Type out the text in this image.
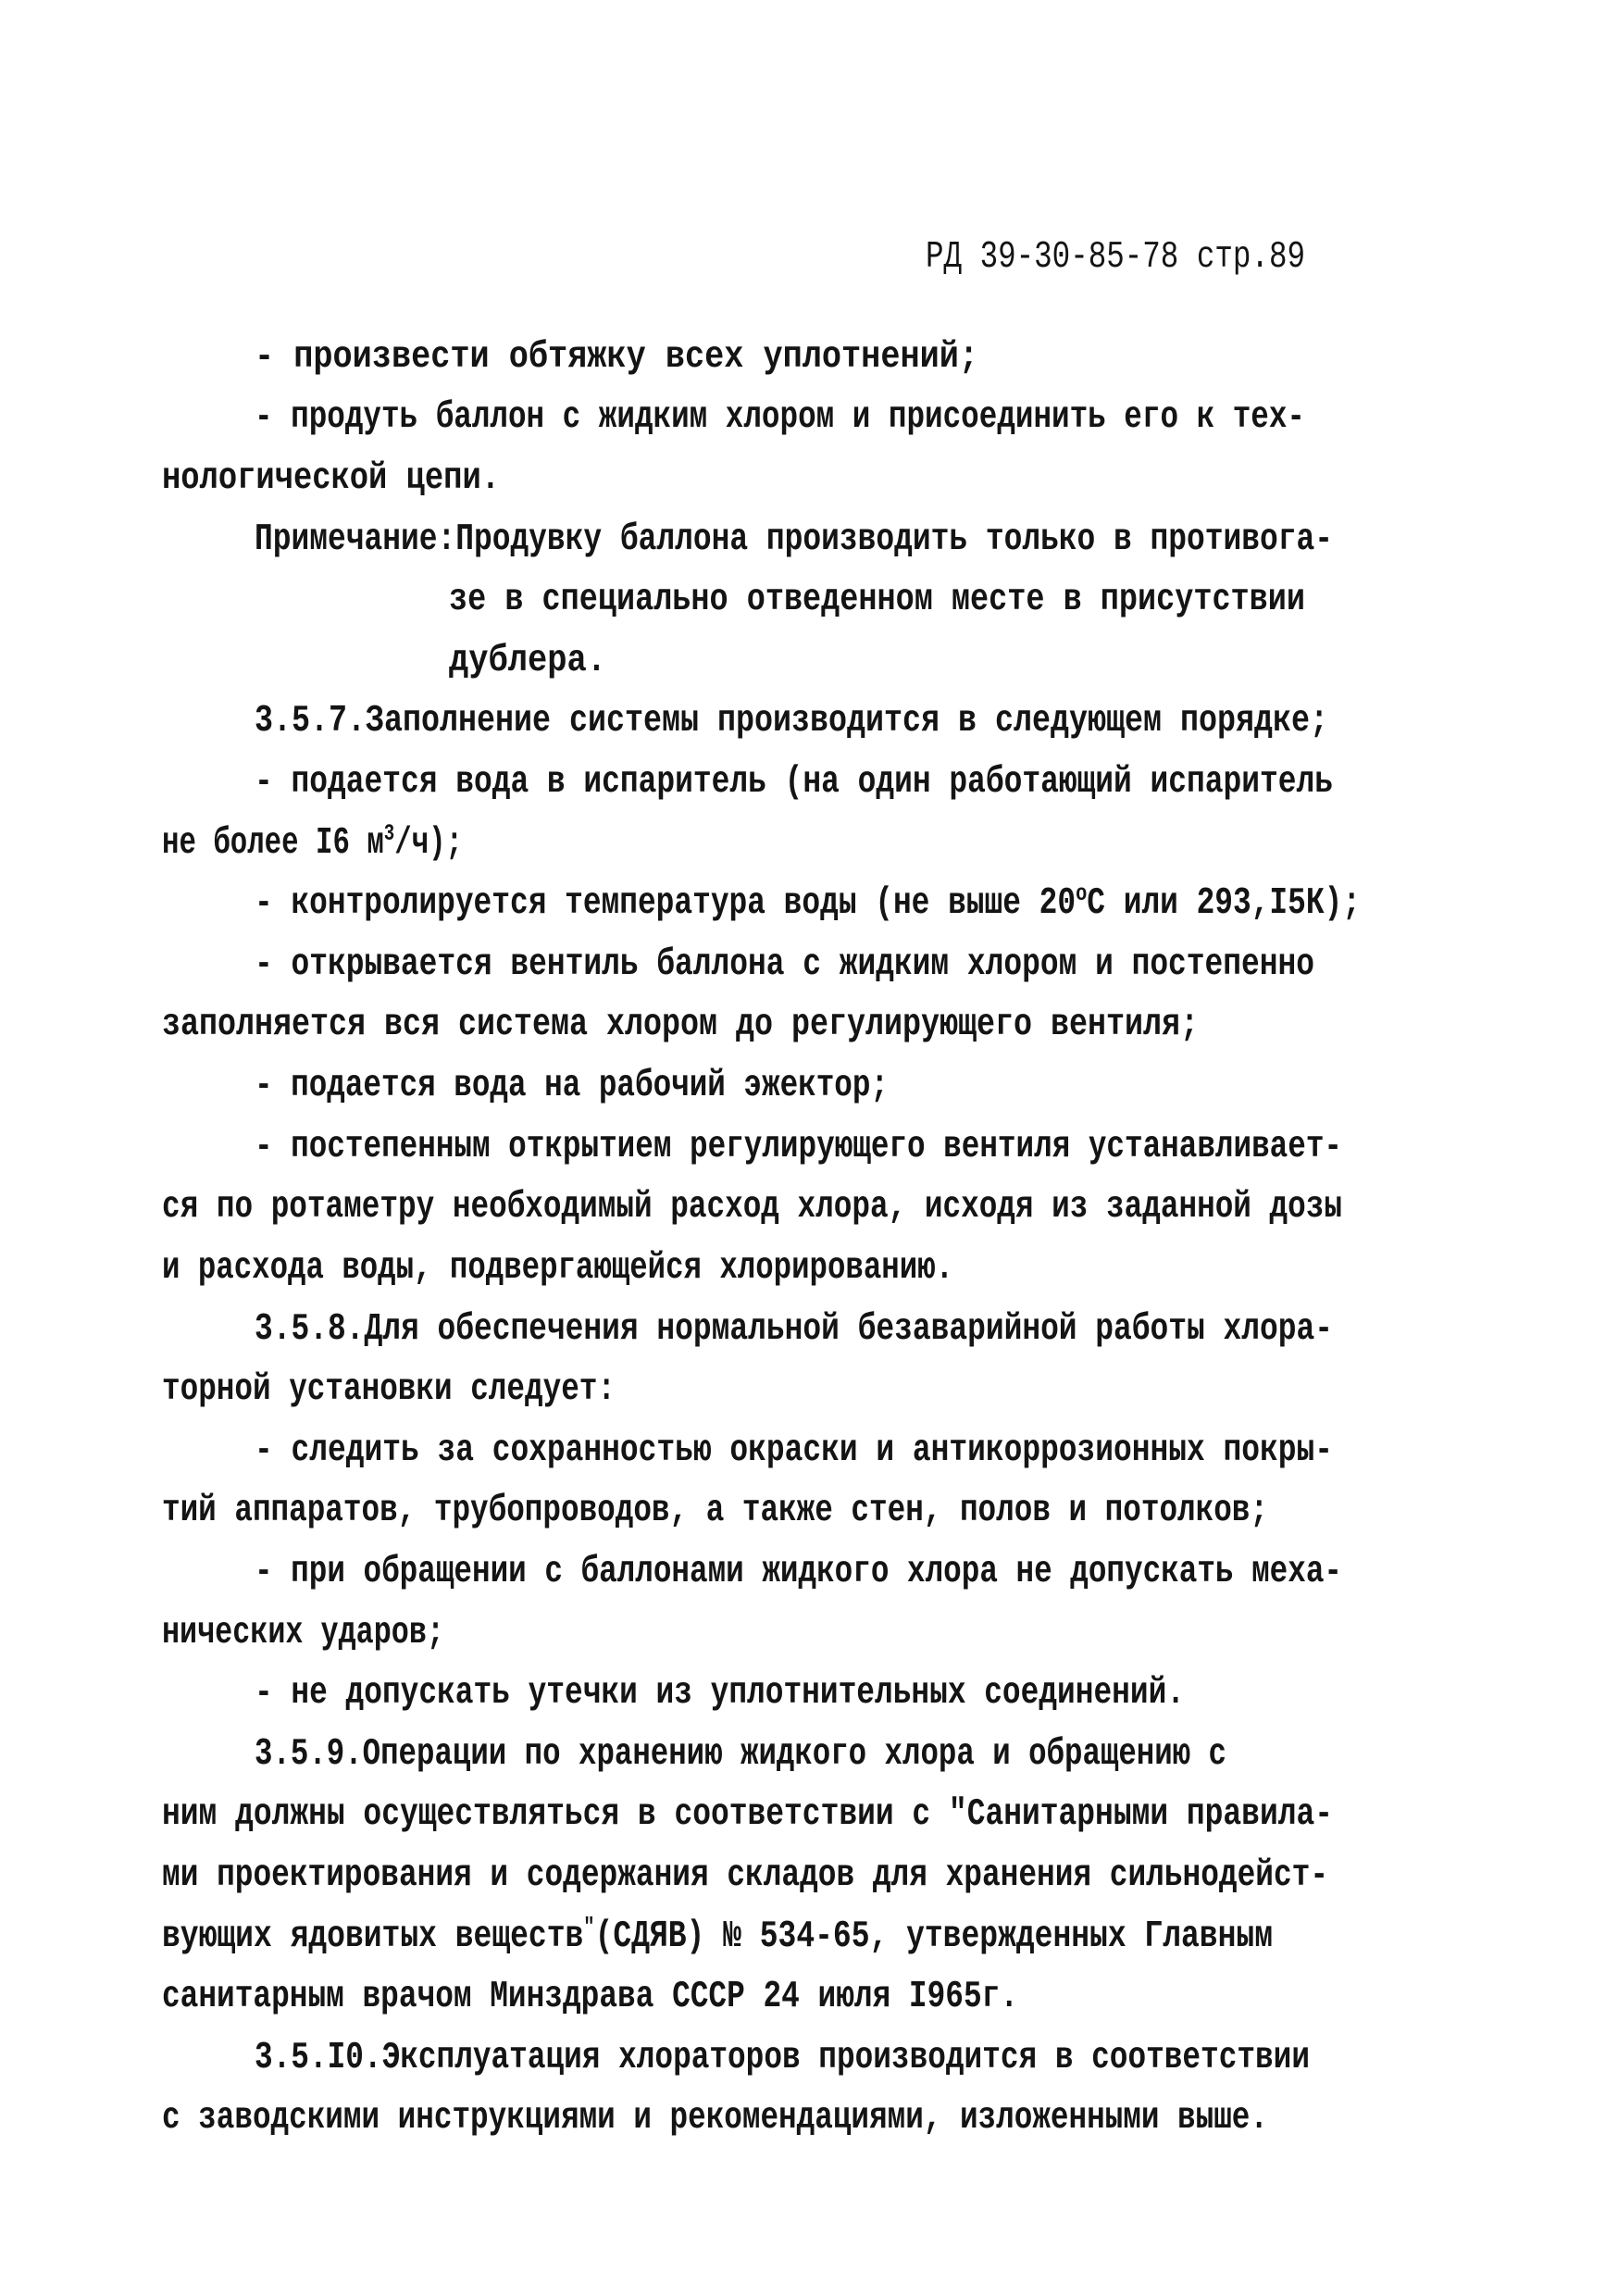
РД 39-30-85-78 стр.89
- произвести обтяжку всех уплотнений;
- продуть баллон с жидким хлором и присоединить его к тех-
нологической цепи.
Примечание:Продувку баллона производить только в противога-
зе в специально отведенном месте в присутствии
дублера.
3.5.7.Заполнение системы производится в следующем порядке;
- подается вода в испаритель (на один работающий испаритель
не более I6 $м^3/ч$);
- контролируется температура воды (не выше $20^оС$ или 293,I5К);
- открывается вентиль баллона с жидким хлором и постепенно
заполняется вся система хлором до регулирующего вентиля;
- подается вода на рабочий эжектор;
- постепенным открытием регулирующего вентиля устанавливает-
ся по ротаметру необходимый расход хлора, исходя из заданной дозы
и расхода воды, подвергающейся хлорированию.
3.5.8.Для обеспечения нормальной безаварийной работы хлора-
торной установки следует:
- следить за сохранностью окраски и антикоррозионных покры-
тий аппаратов, трубопроводов, а также стен, полов и потолков;
- при обращении с баллонами жидкого хлора не допускать меха-
нических ударов;
- не допускать утечки из уплотнительных соединений.
3.5.9.Операции по хранению жидкого хлора и обращению с
ним должны осуществляться в соответствии с "Санитарными правила-
ми проектирования и содержания складов для хранения сильнодейст-
вующих ядовитых веществ"(СДЯВ) № 534-65, утвержденных Главным
санитарным врачом Минздрава СССР 24 июля I965г.
3.5.I0.Эксплуатация хлораторов производится в соответствии
с заводскими инструкциями и рекомендациями, изложенными выше.
